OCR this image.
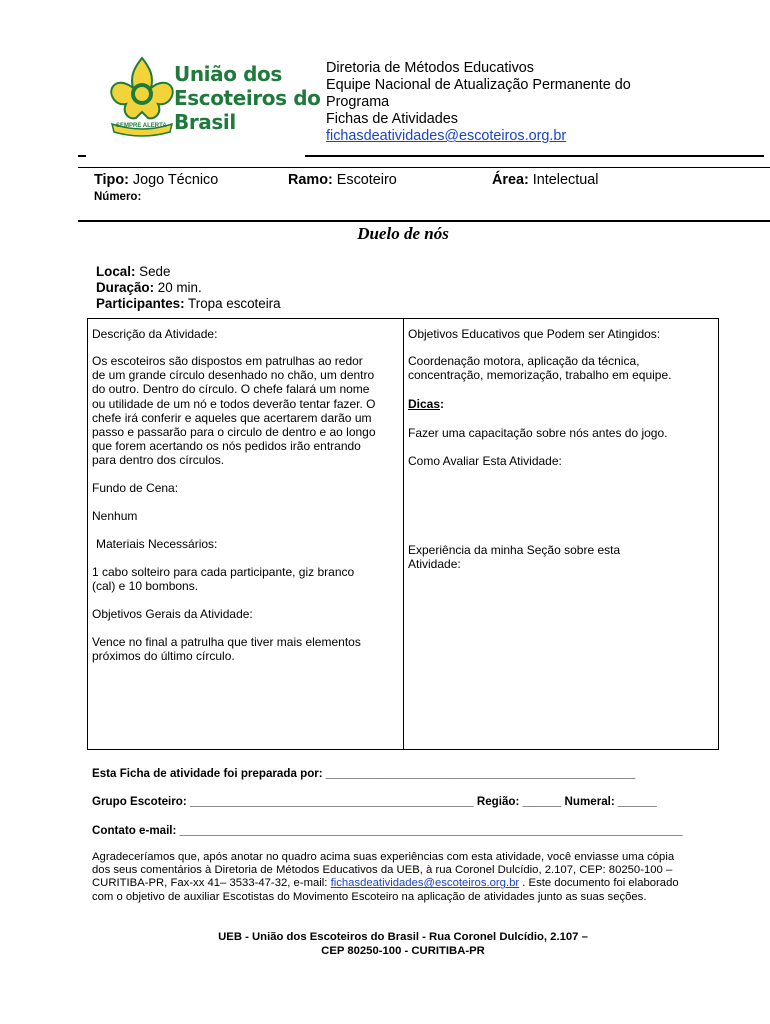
SEMPRE ALERTA
União dos
Escoteiros do
Brasil
Diretoria de Métodos Educativos
Equipe Nacional de Atualização Permanente do
Programa
Fichas de Atividades
fichasdeatividades@escoteiros.org.br
Tipo: Jogo Técnico	Ramo: Escoteiro	Área: Intelectual
Número:
Duelo de nós
Local: Sede
Duração: 20 min.
Participantes: Tropa escoteira
Descrição da Atividade:
Os escoteiros são dispostos em patrulhas ao redor
de um grande círculo desenhado no chão, um dentro
do outro. Dentro do círculo. O chefe falará um nome
ou utilidade de um nó e todos deverão tentar fazer. O
chefe irá conferir e aqueles que acertarem darão um
passo e passarão para o circulo de dentro e ao longo
que forem acertando os nós pedidos irão entrando
para dentro dos círculos.
Fundo de Cena:
Nenhum
Materiais Necessários:
1 cabo solteiro para cada participante, giz branco
(cal) e 10 bombons.
Objetivos Gerais da Atividade:
Vence no final a patrulha que tiver mais elementos
próximos do último círculo.
Objetivos Educativos que Podem ser Atingidos:
Coordenação motora, aplicação da técnica,
concentração, memorização, trabalho em equipe.
Dicas:
Fazer uma capacitação sobre nós antes do jogo.
Como Avaliar Esta Atividade:
Experiência da minha Seção sobre esta
Atividade:
Esta Ficha de atividade foi preparada por: ________________________________________________
Grupo Escoteiro: ____________________________________________ Região: ______ Numeral: ______
Contato e-mail: ______________________________________________________________________________
Agradeceríamos que, após anotar no quadro acima suas experiências com esta atividade, você enviasse uma cópia
dos seus comentários à Diretoria de Métodos Educativos da UEB, à rua Coronel Dulcídio, 2.107, CEP: 80250-100 –
CURITIBA-PR, Fax-xx 41– 3533-47-32, e-mail: fichasdeatividades@escoteiros.org.br . Este documento foi elaborado
com o objetivo de auxiliar Escotistas do Movimento Escoteiro na aplicação de atividades junto as suas seções.
UEB - União dos Escoteiros do Brasil - Rua Coronel Dulcídio, 2.107 –
CEP 80250-100 - CURITIBA-PR
